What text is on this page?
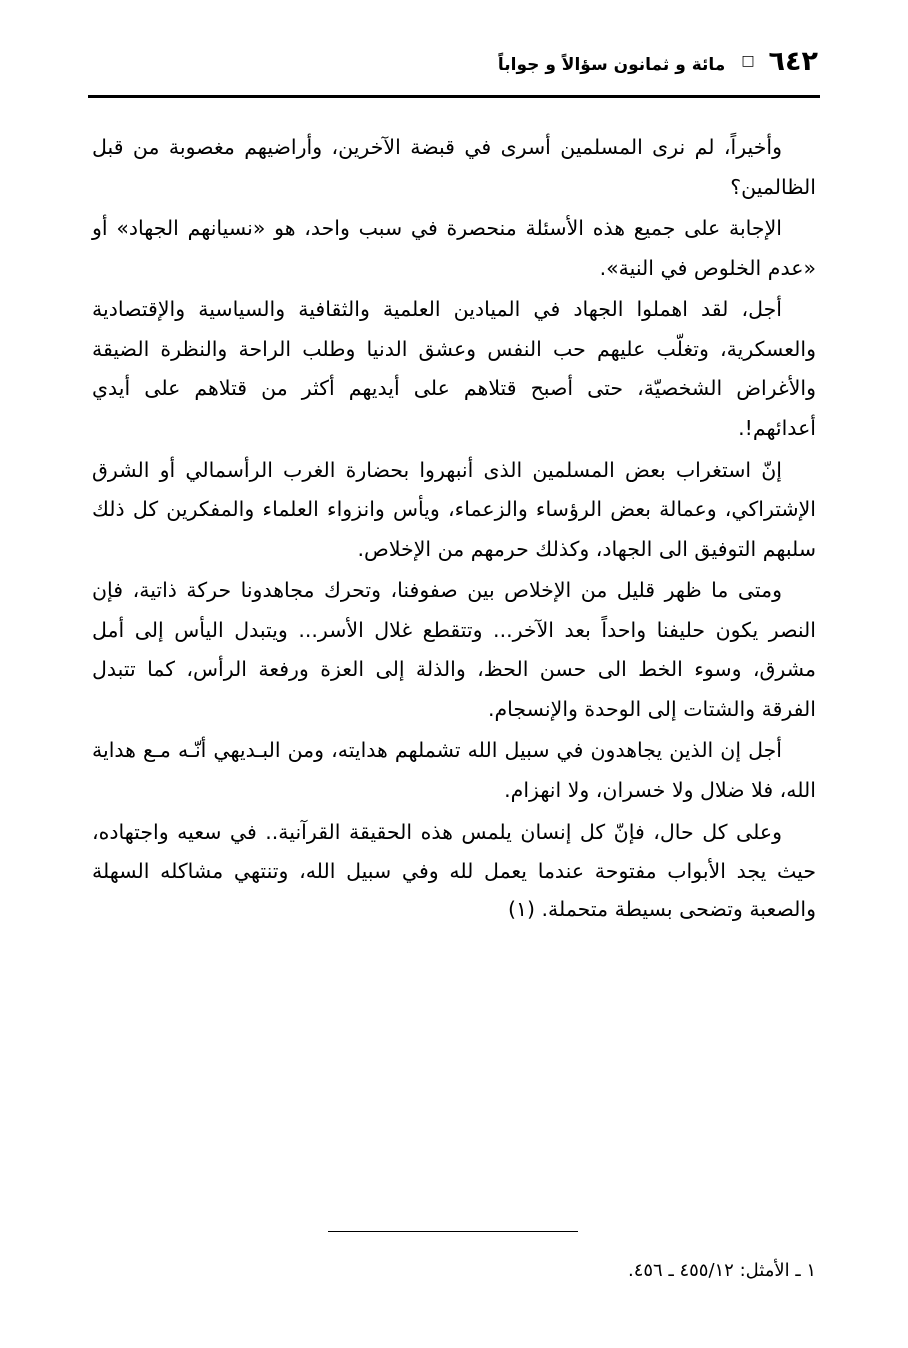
٦٤٢
□
مائة و ثمانون سؤالاً و جواباً

وأخيراً، لم نرى المسلمين أسرى في قبضة الآخرين، وأراضيهم مغصوبة من قبل الظالمين؟

الإجابة على جميع هذه الأسئلة منحصرة في سبب واحد، هو «نسيانهم الجهاد» أو «عدم الخلوص في النية».

أجل، لقد اهملوا الجهاد في الميادين العلمية والثقافية والسياسية والإقتصادية والعسكرية، وتغلّب عليهم حب النفس وعشق الدنيا وطلب الراحة والنظرة الضيقة والأغراض الشخصيّة، حتى أصبح قتلاهم على أيديهم أكثر من قتلاهم على أيدي أعدائهم!.

إنّ استغراب بعض المسلمين الذى أنبهروا بحضارة الغرب الرأسمالي أو الشرق الإشتراكي، وعمالة بعض الرؤساء والزعماء، ويأس وانزواء العلماء والمفكرين كل ذلك سلبهم التوفيق الى الجهاد، وكذلك حرمهم من الإخلاص.

ومتى ما ظهر قليل من الإخلاص بين صفوفنا، وتحرك مجاهدونا حركة ذاتية، فإن النصر يكون حليفنا واحداً بعد الآخر... وتتقطع غلال الأسر... ويتبدل اليأس إلى أمل مشرق، وسوء الخط الى حسن الحظ، والذلة إلى العزة ورفعة الرأس، كما تتبدل الفرقة والشتات إلى الوحدة والإنسجام.

أجل إن الذين يجاهدون في سبيل الله تشملهم هدايته، ومن البـديهي أنّـه مـع هداية الله، فلا ضلال ولا خسران، ولا انهزام.

وعلى كل حال، فإنّ كل إنسان يلمس هذه الحقيقة القرآنية.. في سعيه واجتهاده، حيث يجد الأبواب مفتوحة عندما يعمل لله وفي سبيل الله، وتنتهي مشاكله السهلة والصعبة وتضحى بسيطة متحملة. (١)

١ ـ الأمثل: ٤٥٥/١٢ ـ ٤٥٦.
